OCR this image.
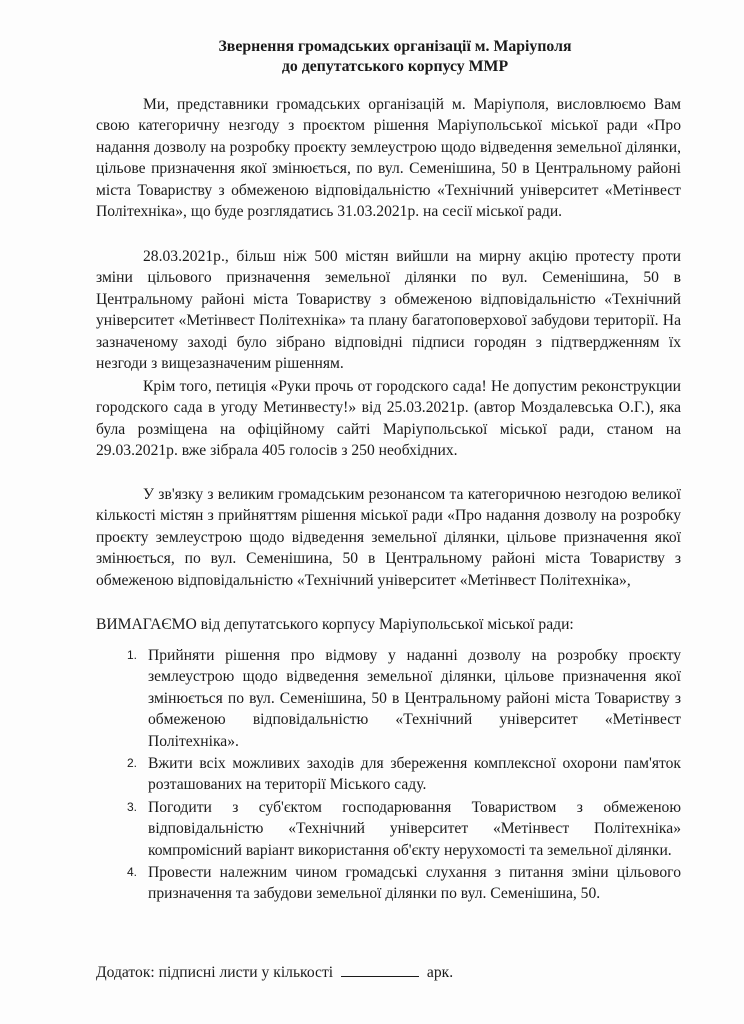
Звернення громадських організації м. Маріуполя
до депутатського корпусу ММР

Ми, представники громадських організацій м. Маріуполя, висловлюємо Вам свою категоричну незгоду з проєктом рішення Маріупольської міської ради «Про надання дозволу на розробку проєкту землеустрою щодо відведення земельної ділянки, цільове призначення якої змінюється, по вул. Семенішина, 50 в Центральному районі міста Товариству з обмеженою відповідальністю «Технічний університет «Метінвест Політехніка», що буде розглядатись 31.03.2021р. на сесії міської ради.

28.03.2021р., більш ніж 500 містян вийшли на мирну акцію протесту проти зміни цільового призначення земельної ділянки по вул. Семенішина, 50 в Центральному районі міста Товариству з обмеженою відповідальністю «Технічний університет «Метінвест Політехніка» та плану багатоповерхової забудови території. На зазначеному заході було зібрано відповідні підписи городян з підтвердженням їх незгоди з вищезазначеним рішенням.

Крім того, петиція «Руки прочь от городского сада! Не допустим реконструкции городского сада в угоду Метинвесту!» від 25.03.2021р. (автор Моздалевська О.Г.), яка була розміщена на офіційному сайті Маріупольської міської ради, станом на 29.03.2021р. вже зібрала 405 голосів з 250 необхідних.

У зв'язку з великим громадським резонансом та категоричною незгодою великої кількості містян з прийняттям рішення міської ради «Про надання дозволу на розробку проєкту землеустрою щодо відведення земельної ділянки, цільове призначення якої змінюється, по вул. Семенішина, 50 в Центральному районі міста Товариству з обмеженою відповідальністю «Технічний університет «Метінвест Політехніка»,

ВИМАГАЄМО від депутатського корпусу Маріупольської міської ради:

1. Прийняти рішення про відмову у наданні дозволу на розробку проєкту землеустрою щодо відведення земельної ділянки, цільове призначення якої змінюється по вул. Семенішина, 50 в Центральному районі міста Товариству з обмеженою відповідальністю «Технічний університет «Метінвест Політехніка».
2. Вжити всіх можливих заходів для збереження комплексної охорони пам'яток розташованих на території Міського саду.
3. Погодити з суб'єктом господарювання Товариством з обмеженою відповідальністю «Технічний університет «Метінвест Політехніка» компромісний варіант використання об'єкту нерухомості та земельної ділянки.
4. Провести належним чином громадські слухання з питання зміни цільового призначення та забудови земельної ділянки по вул. Семенішина, 50.
Додаток: підписні листи у кількості	арк.
